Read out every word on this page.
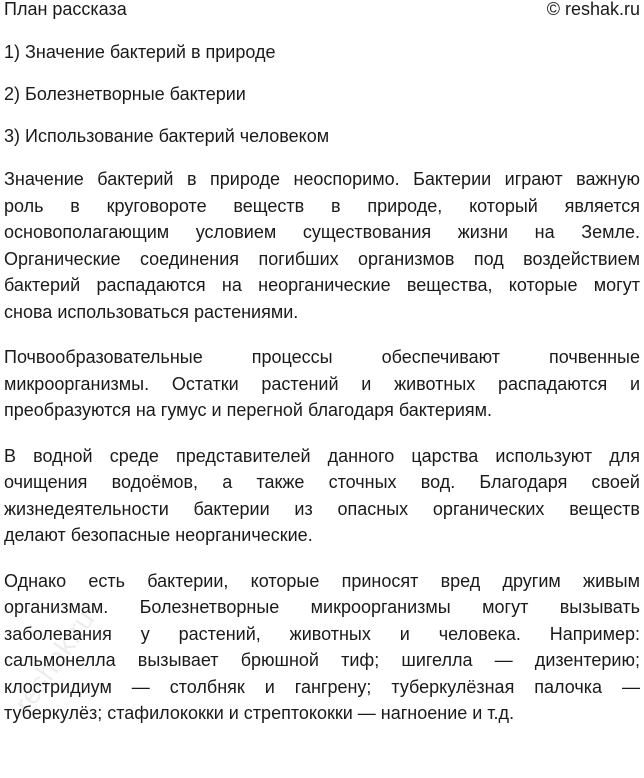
План рассказа	© reshak.ru

1) Значение бактерий в природе

2) Болезнетворные бактерии

3) Использование бактерий человеком

Значение бактерий в природе неоспоримо. Бактерии играют важную
роль в круговороте веществ в природе, который является
основополагающим условием существования жизни на Земле.
Органические соединения погибших организмов под воздействием
бактерий распадаются на неорганические вещества, которые могут
снова использоваться растениями.

Почвообразовательные процессы обеспечивают почвенные
микроорганизмы. Остатки растений и животных распадаются и
преобразуются на гумус и перегной благодаря бактериям.

В водной среде представителей данного царства используют для
очищения водоёмов, а также сточных вод. Благодаря своей
жизнедеятельности бактерии из опасных органических веществ
делают безопасные неорганические.

Однако есть бактерии, которые приносят вред другим живым
организмам. Болезнетворные микроорганизмы могут вызывать
заболевания у растений, животных и человека. Например:
сальмонелла вызывает брюшной тиф; шигелла — дизентерию;
клостридиум — столбняк и гангрену; туберкулёзная палочка —
туберкулёз; стафилококки и стрептококки — нагноение и т.д.

reshak.ru
